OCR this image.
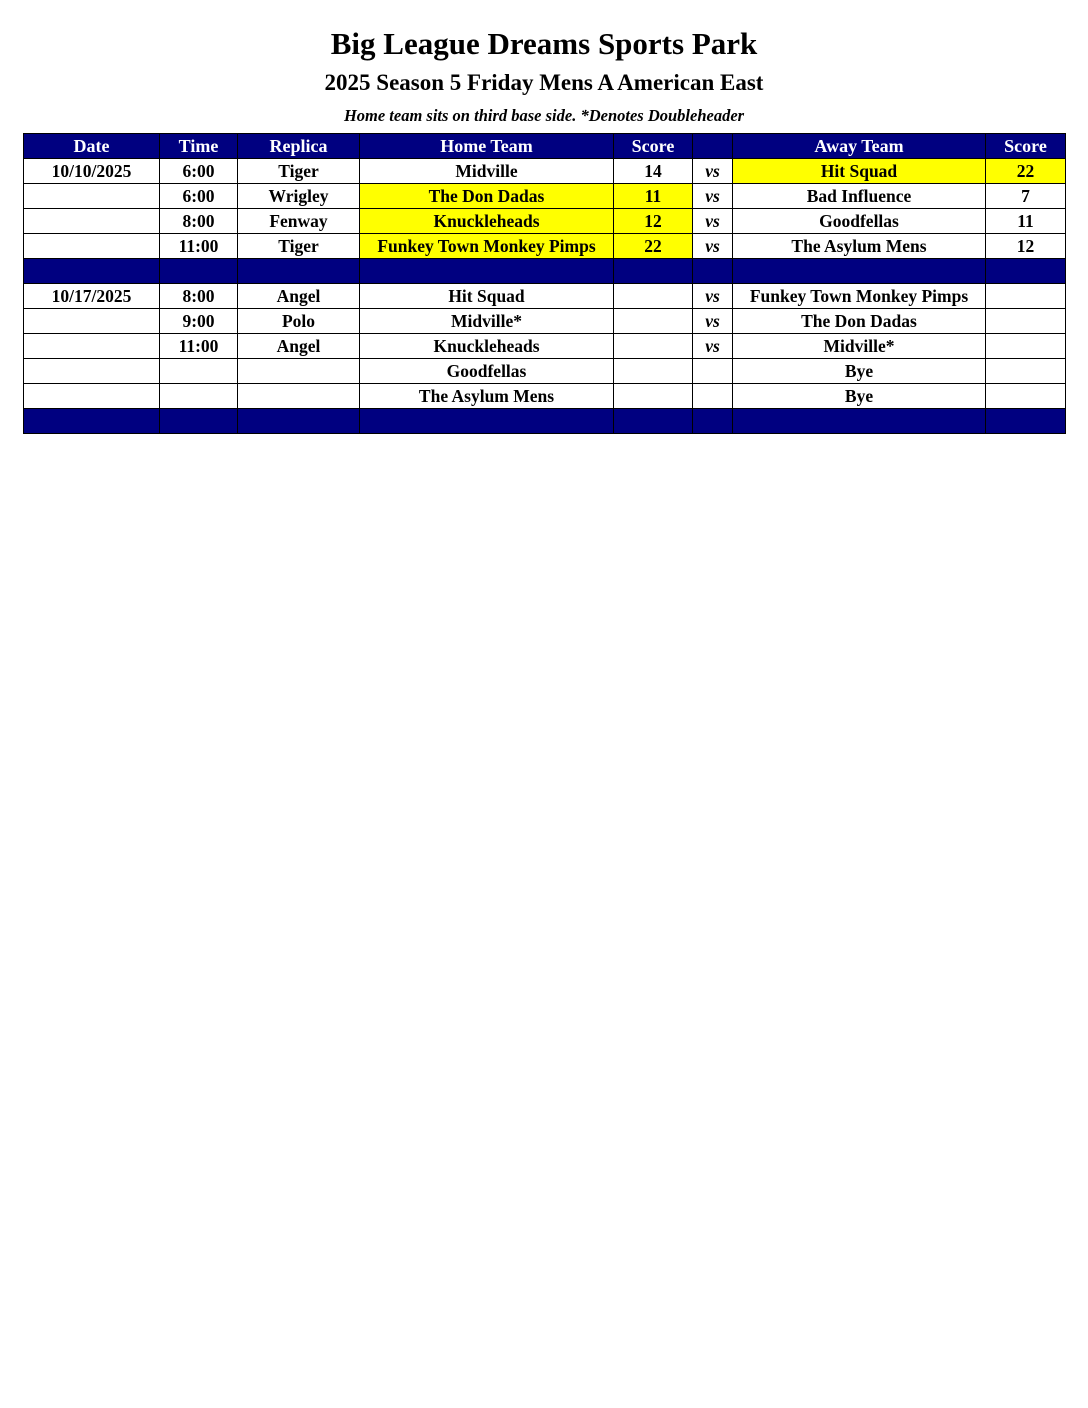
Big League Dreams Sports Park
2025 Season 5 Friday Mens A American East
Home team sits on third base side. *Denotes Doubleheader
Date	Time	Replica	Home Team	Score		Away Team	Score
10/10/2025	6:00	Tiger	Midville	14	vs	Hit Squad	22
	6:00	Wrigley	The Don Dadas	11	vs	Bad Influence	7
	8:00	Fenway	Knuckleheads	12	vs	Goodfellas	11
	11:00	Tiger	Funkey Town Monkey Pimps	22	vs	The Asylum Mens	12

10/17/2025	8:00	Angel	Hit Squad		vs	Funkey Town Monkey Pimps	
	9:00	Polo	Midville*		vs	The Don Dadas	
	11:00	Angel	Knuckleheads		vs	Midville*	
			Goodfellas			Bye	
			The Asylum Mens			Bye	
